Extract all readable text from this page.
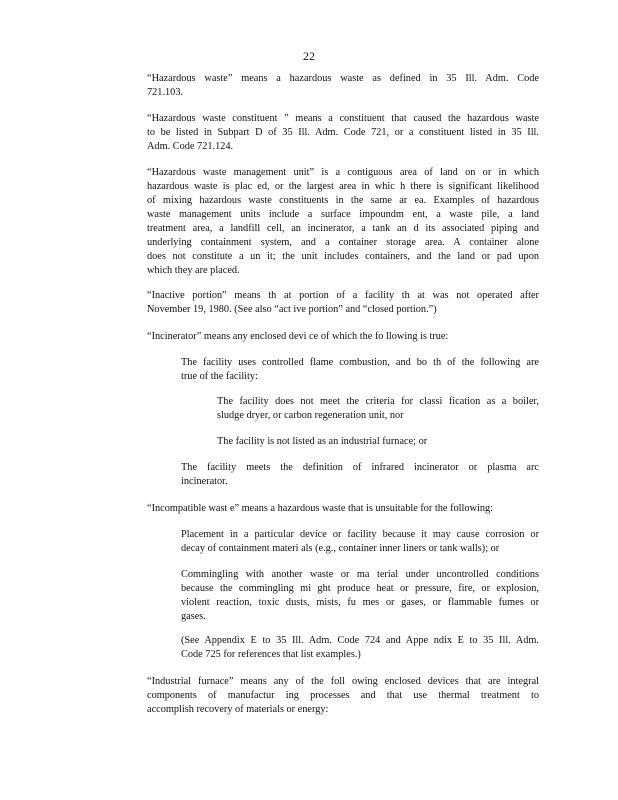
22
“Hazardous waste” means a hazardous waste as defined in 35 Ill. Adm. Code
721.103.
“Hazardous waste constituent ” means a constituent that caused the hazardous waste
to be listed in Subpart D of 35 Ill. Adm. Code 721, or a constituent listed in 35 Ill.
Adm. Code 721.124.
“Hazardous waste management unit” is a contiguous area of land on or in which
hazardous waste is plac ed, or the largest area in whic h there is significant likelihood
of mixing hazardous waste constituents in the same ar ea. Examples of hazardous
waste management units include a surface impoundm ent, a waste pile, a land
treatment area, a landfill cell, an incinerator, a tank an d its associated piping and
underlying containment system, and a container storage area. A container alone
does not constitute a un it; the unit includes containers, and the land or pad upon
which they are placed.
“Inactive portion” means th at portion of a facility th at was not operated after
November 19, 1980. (See also “act ive portion” and “closed portion.”)
“Incinerator” means any enclosed devi ce of which the fo llowing is true:
The facility uses controlled flame combustion, and bo th of the following are
true of the facility:
The facility does not meet the criteria for classi fication as a boiler,
sludge dryer, or carbon regeneration unit, nor
The facility is not listed as an industrial furnace; or
The facility meets the definition of infrared incinerator or plasma arc
incinerator.
“Incompatible wast e” means a hazardous waste that is unsuitable for the following:
Placement in a particular device or facility because it may cause corrosion or
decay of containment materi als (e.g., container inner liners or tank walls); or
Commingling with another waste or ma terial under uncontrolled conditions
because the commingling mi ght produce heat or pressure, fire, or explosion,
violent reaction, toxic dusts, mists, fu mes or gases, or flammable fumes or
gases.
(See Appendix E to 35 Ill. Adm. Code 724 and Appe ndix E to 35 Ill. Adm.
Code 725 for references that list examples.)
“Industrial furnace” means any of the foll owing enclosed devices that are integral
components of manufactur ing processes and that use thermal treatment to
accomplish recovery of materials or energy:
